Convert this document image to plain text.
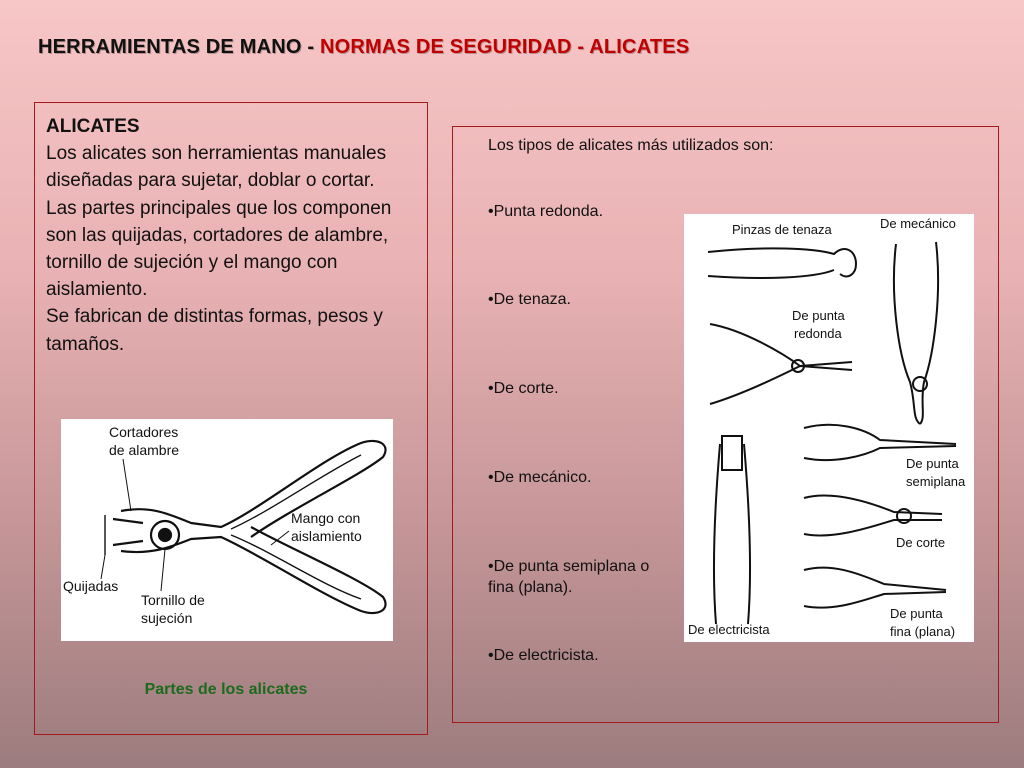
HERRAMIENTAS DE MANO - NORMAS DE SEGURIDAD - ALICATES
ALICATES

Los alicates son herramientas manuales diseñadas para sujetar, doblar o cortar.

Las partes principales que los componen son las quijadas, cortadores de alambre, tornillo de sujeción y el mango con aislamiento.

Se fabrican de distintas formas, pesos y tamaños.

Cortadores
de alambre
Mango con
aislamiento
Quijadas
Tornillo de
sujeción
Partes de los alicates
Los tipos de alicates más utilizados son:
•Punta redonda.
•De tenaza.
•De corte.
•De mecánico.
•De punta semiplana o fina (plana).
•De electricista.
Pinzas de tenaza	De mecánico
De punta
redonda
De punta
semiplana
De corte
De punta
fina (plana)
De electricista
